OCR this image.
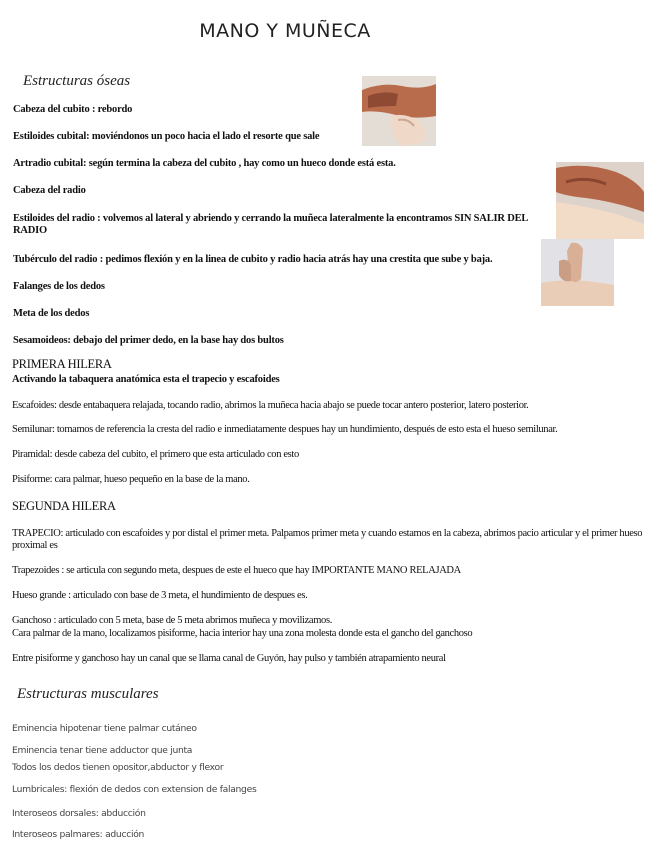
MANO Y MUÑECA
Estructuras óseas
Cabeza del cubito : rebordo
Estiloides cubital: moviéndonos un poco hacia el lado el resorte que sale
Artradio cubital: según termina la cabeza del cubito , hay como un hueco donde está esta.
Cabeza del radio
Estiloides del radio : volvemos al lateral y abriendo y cerrando la muñeca lateralmente la encontramos SIN SALIR DEL RADIO
Tubérculo del radio : pedimos flexión y en la linea de cubito y radio hacia atrás hay una crestita que sube y baja.
Falanges de los dedos
Meta de los dedos
Sesamoideos: debajo del primer dedo, en la base hay dos bultos
PRIMERA HILERA
Activando la tabaquera anatómica esta el trapecio y escafoides
Escafoides: desde entabaquera relajada, tocando radio, abrimos la muñeca hacia abajo se puede tocar antero posterior, latero posterior.
Semilunar: tomamos de referencia la cresta del radio e inmediatamente despues hay un hundimiento, después de esto esta el hueso semilunar.
Piramidal: desde cabeza del cubito, el primero que esta articulado con esto
Pisiforme: cara palmar, hueso pequeño en la base de la mano.
SEGUNDA HILERA
TRAPECIO: articulado con escafoides y por distal el primer meta. Palpamos primer meta y cuando estamos en la cabeza, abrimos pacio articular y el primer hueso proximal es
Trapezoides : se articula con segundo meta, despues de este el hueco que hay IMPORTANTE MANO RELAJADA
Hueso grande : articulado con base de 3 meta, el hundimiento de despues es.
Ganchoso : articulado con 5 meta, base de 5 meta abrimos muñeca y movilizamos.
Cara palmar de la mano, localizamos pisiforme, hacia interior hay una zona molesta donde esta el gancho del ganchoso
Entre pisiforme y ganchoso hay un canal que se llama canal de Guyón, hay pulso y también atrapamiento neural
Estructuras musculares
Eminencia hipotenar tiene palmar cutáneo
Eminencia tenar tiene adductor que junta
Todos los dedos tienen opositor,abductor y flexor
Lumbricales: flexión de dedos con extension de falanges
Interoseos dorsales: abducción
Interoseos palmares: aducción
